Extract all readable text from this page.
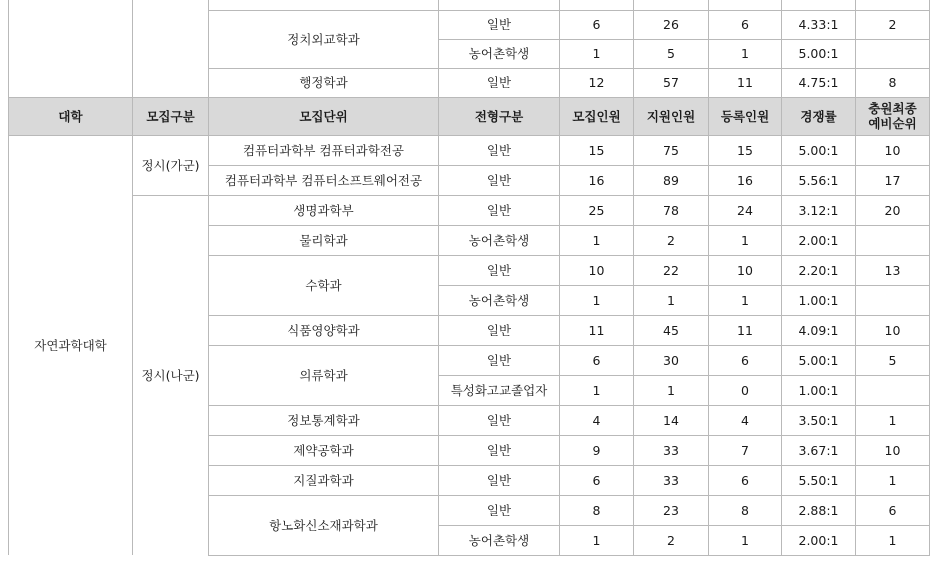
		정치외교학과	일반	6	26	6	4.33:1	2
			농어촌학생	1	5	1	5.00:1	
		행정학과	일반	12	57	11	4.75:1	8
대학	모집구분	모집단위	전형구분	모집인원	지원인원	등록인원	경쟁률	충원최종
예비순위
자연과학대학	정시(가군)	컴퓨터과학부 컴퓨터과학전공	일반	15	75	15	5.00:1	10
		컴퓨터과학부 컴퓨터소프트웨어전공	일반	16	89	16	5.56:1	17
	정시(나군)	생명과학부	일반	25	78	24	3.12:1	20
		물리학과	농어촌학생	1	2	1	2.00:1	
		수학과	일반	10	22	10	2.20:1	13
			농어촌학생	1	1	1	1.00:1	
		식품영양학과	일반	11	45	11	4.09:1	10
		의류학과	일반	6	30	6	5.00:1	5
			특성화고교졸업자	1	1	0	1.00:1	
		정보통계학과	일반	4	14	4	3.50:1	1
		제약공학과	일반	9	33	7	3.67:1	10
		지질과학과	일반	6	33	6	5.50:1	1
		항노화신소재과학과	일반	8	23	8	2.88:1	6
			농어촌학생	1	2	1	2.00:1	1
